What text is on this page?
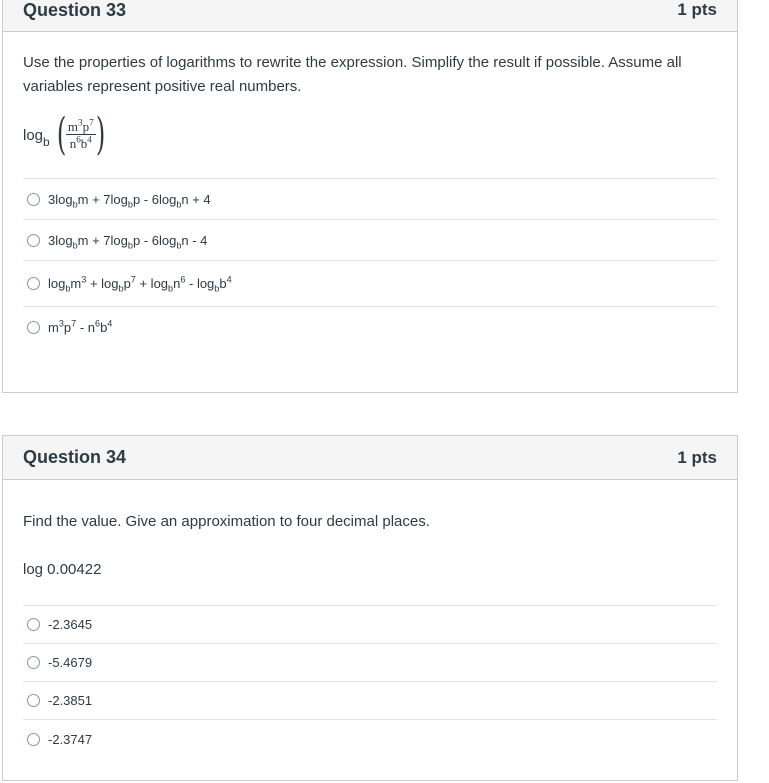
Question 33	1 pts

Use the properties of logarithms to rewrite the expression. Simplify the result if possible. Assume all variables represent positive real numbers.

$\log_b$ ( $\frac{m^3p^7}{n^6b^4}$ )
$3\log_bm + 7\log_bp - 6\log_bn + 4$
$3\log_bm + 7\log_bp - 6\log_bn - 4$
$\log_bm^3 + \log_bp^7 + \log_bn^6 - \log_bb^4$
$m^3p^7 - n^6b^4$
Question 34	1 pts

Find the value. Give an approximation to four decimal places.

log 0.00422

-2.3645
-5.4679
-2.3851
-2.3747
